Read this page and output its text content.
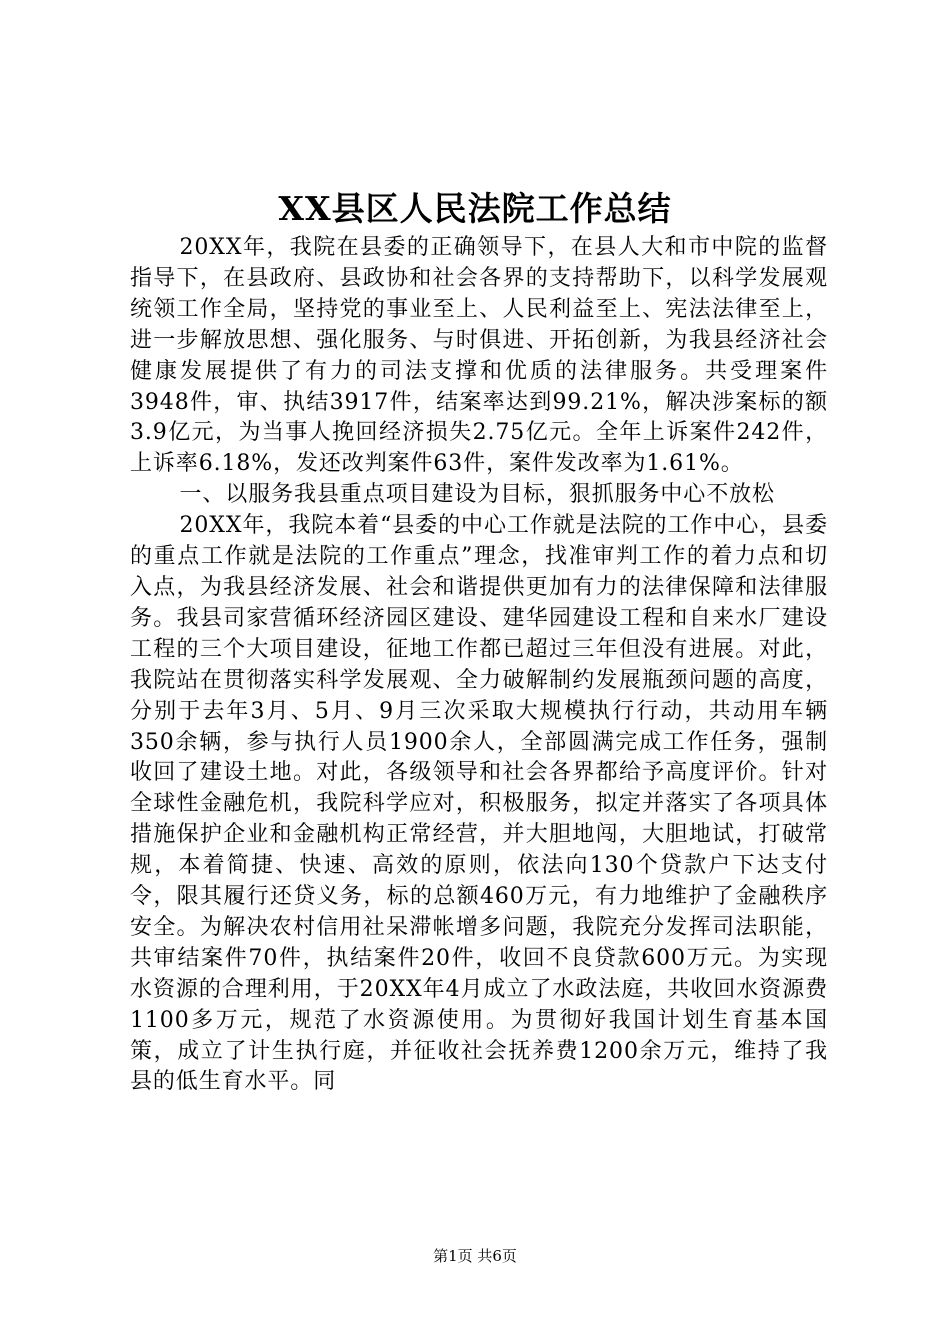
XX县区人民法院工作总结

20XX年，我院在县委的正确领导下，在县人大和市中院的监督指导下，在县政府、县政协和社会各界的支持帮助下，以科学发展观统领工作全局，坚持党的事业至上、人民利益至上、宪法法律至上，进一步解放思想、强化服务、与时俱进、开拓创新，为我县经济社会健康发展提供了有力的司法支撑和优质的法律服务。共受理案件3948件，审、执结3917件，结案率达到99.21%，解决涉案标的额3.9亿元，为当事人挽回经济损失2.75亿元。全年上诉案件242件，上诉率6.18%，发还改判案件63件，案件发改率为1.61%。

一、以服务我县重点项目建设为目标，狠抓服务中心不放松

20XX年，我院本着“县委的中心工作就是法院的工作中心，县委的重点工作就是法院的工作重点”理念，找准审判工作的着力点和切入点，为我县经济发展、社会和谐提供更加有力的法律保障和法律服务。我县司家营循环经济园区建设、建华园建设工程和自来水厂建设工程的三个大项目建设，征地工作都已超过三年但没有进展。对此，我院站在贯彻落实科学发展观、全力破解制约发展瓶颈问题的高度，分别于去年3月、5月、9月三次采取大规模执行行动，共动用车辆350余辆，参与执行人员1900余人，全部圆满完成工作任务，强制收回了建设土地。对此，各级领导和社会各界都给予高度评价。针对全球性金融危机，我院科学应对，积极服务，拟定并落实了各项具体措施保护企业和金融机构正常经营，并大胆地闯，大胆地试，打破常规，本着简捷、快速、高效的原则，依法向130个贷款户下达支付令，限其履行还贷义务，标的总额460万元，有力地维护了金融秩序安全。为解决农村信用社呆滞帐增多问题，我院充分发挥司法职能，共审结案件70件，执结案件20件，收回不良贷款600万元。为实现水资源的合理利用，于20XX年4月成立了水政法庭，共收回水资源费1100多万元，规范了水资源使用。为贯彻好我国计划生育基本国策，成立了计生执行庭，并征收社会抚养费1200余万元，维持了我县的低生育水平。同

第1页 共6页
